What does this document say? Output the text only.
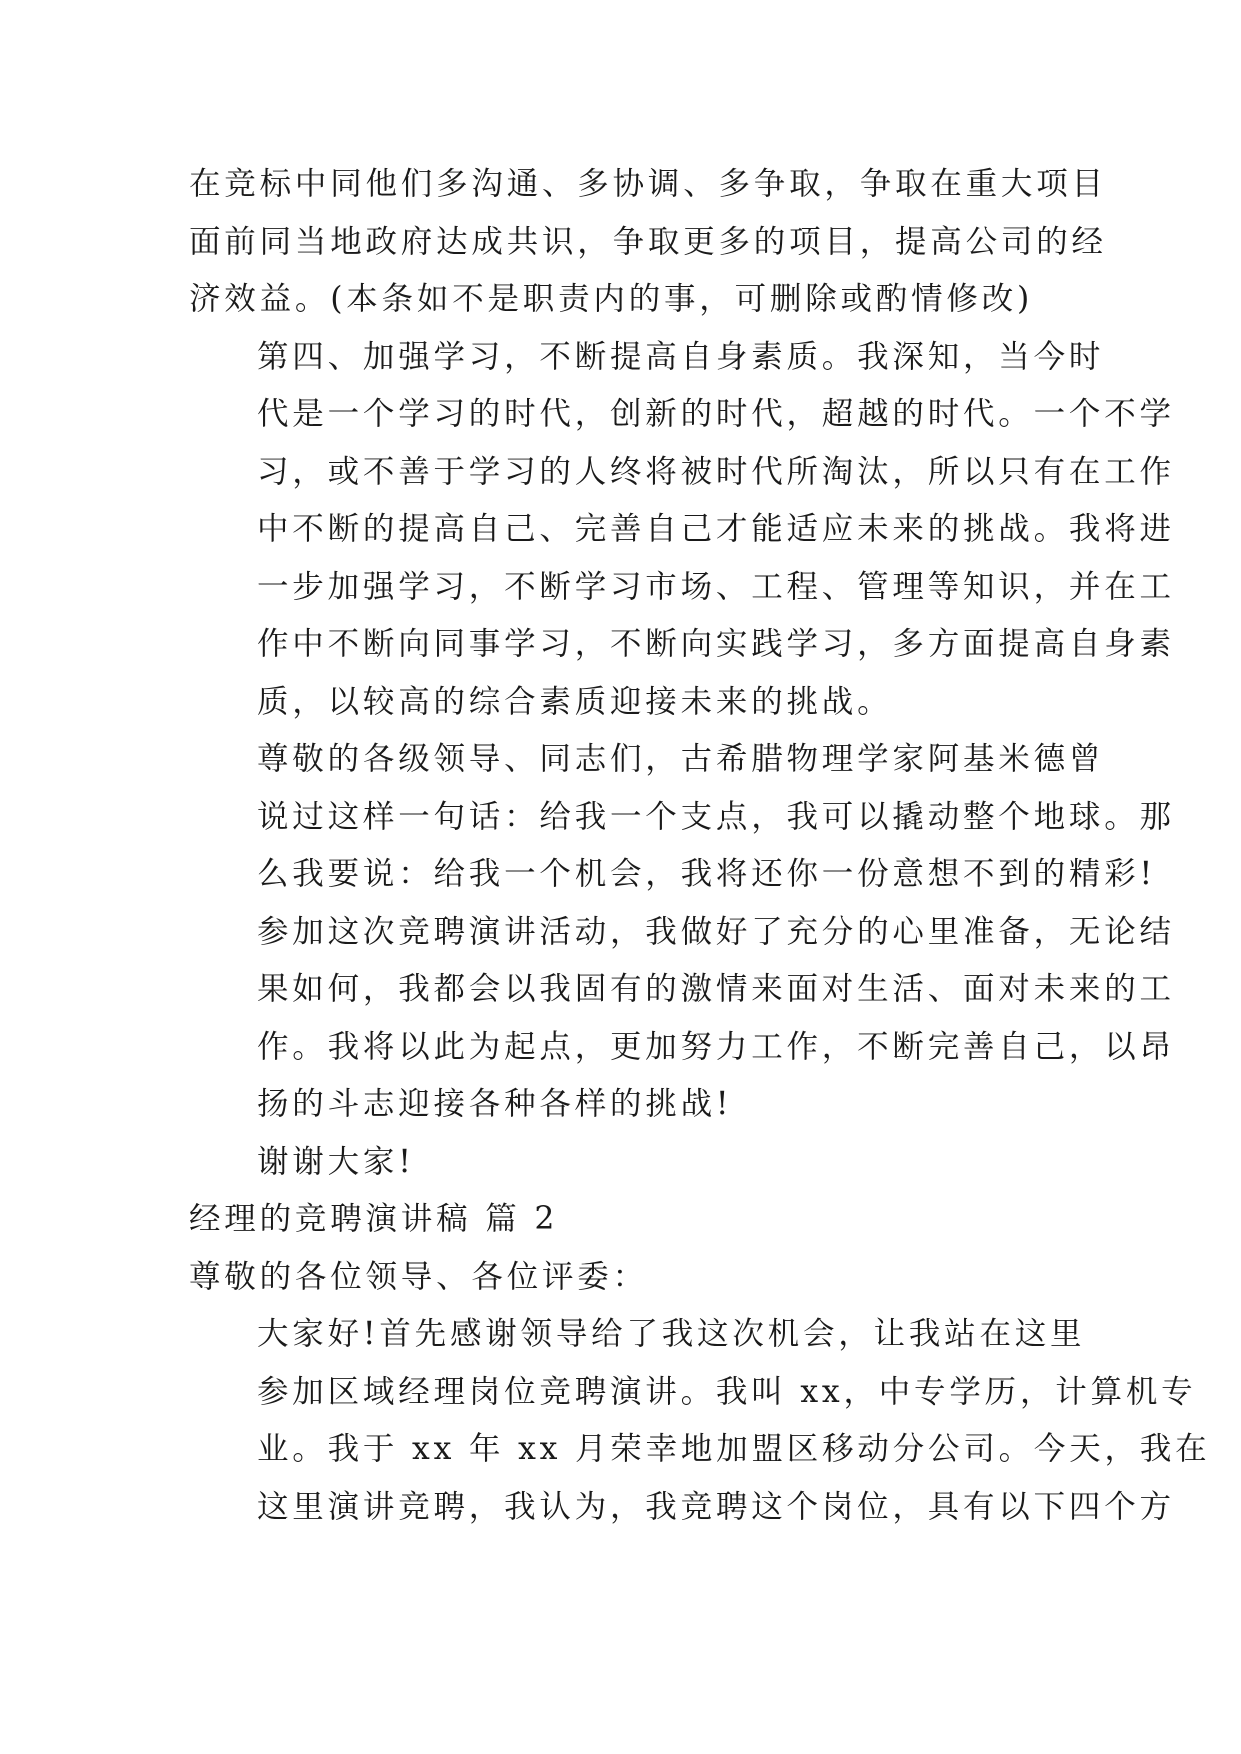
在竞标中同他们多沟通、多协调、多争取，争取在重大项目
面前同当地政府达成共识，争取更多的项目，提高公司的经
济效益。(本条如不是职责内的事，可删除或酌情修改)

第四、加强学习，不断提高自身素质。我深知，当今时
代是一个学习的时代，创新的时代，超越的时代。一个不学
习，或不善于学习的人终将被时代所淘汰，所以只有在工作
中不断的提高自己、完善自己才能适应未来的挑战。我将进
一步加强学习，不断学习市场、工程、管理等知识，并在工
作中不断向同事学习，不断向实践学习，多方面提高自身素
质，以较高的综合素质迎接未来的挑战。

尊敬的各级领导、同志们，古希腊物理学家阿基米德曾
说过这样一句话：给我一个支点，我可以撬动整个地球。那
么我要说：给我一个机会，我将还你一份意想不到的精彩!
参加这次竞聘演讲活动，我做好了充分的心里准备，无论结
果如何，我都会以我固有的激情来面对生活、面对未来的工
作。我将以此为起点，更加努力工作，不断完善自己，以昂
扬的斗志迎接各种各样的挑战!

谢谢大家!

经理的竞聘演讲稿 篇 2

尊敬的各位领导、各位评委：

大家好!首先感谢领导给了我这次机会，让我站在这里
参加区域经理岗位竞聘演讲。我叫 xx，中专学历，计算机专
业。我于 xx 年 xx 月荣幸地加盟区移动分公司。今天，我在
这里演讲竞聘，我认为，我竞聘这个岗位，具有以下四个方
